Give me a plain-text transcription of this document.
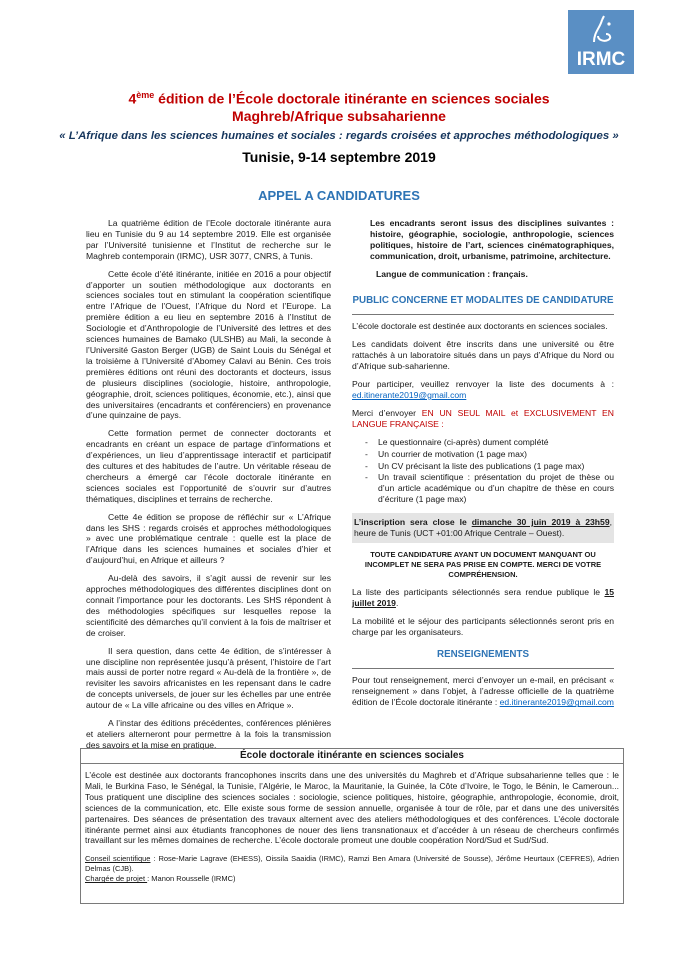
IRMC
4ème édition de l’École doctorale itinérante en sciences sociales
Maghreb/Afrique subsaharienne
« L’Afrique dans les sciences humaines et sociales : regards croisées et approches méthodologiques »
Tunisie, 9-14 septembre 2019
APPEL A CANDIDATURES

La quatrième édition de l’Ecole doctorale itinérante aura lieu en Tunisie du 9 au 14 septembre 2019. Elle est organisée par l’Université tunisienne et l’Institut de recherche sur le Maghreb contemporain (IRMC), USR 3077, CNRS, à Tunis.

Cette école d’été itinérante, initiée en 2016 a pour objectif d’apporter un soutien méthodologique aux doctorants en sciences sociales tout en stimulant la coopération scientifique entre l’Afrique de l’Ouest, l’Afrique du Nord et l’Europe. La première édition a eu lieu en septembre 2016 à l’Institut de Sociologie et d’Anthropologie de l’Université des lettres et des sciences humaines de Bamako (ULSHB) au Mali, la seconde à l’Université Gaston Berger (UGB) de Saint Louis du Sénégal et la troisième à l’Université d’Abomey Calavi au Bénin. Ces trois premières éditions ont réuni des doctorants et docteurs, issus de plusieurs disciplines (sociologie, histoire, anthropologie, géographie, droit, sciences politiques, économie, etc.), ainsi que des universitaires (encadrants et conférenciers) en provenance d’une quinzaine de pays.

Cette formation permet de connecter doctorants et encadrants en créant un espace de partage d’informations et d’expériences, un lieu d’apprentissage interactif et participatif des cultures et des habitudes de l’autre. Un véritable réseau de chercheurs a émergé car l’école doctorale itinérante en sciences sociales est l’opportunité de s’ouvrir sur d’autres thématiques, disciplines et terrains de recherche.

Cette 4e édition se propose de réfléchir sur « L’Afrique dans les SHS : regards croisés et approches méthodologiques » avec une problématique centrale : quelle est la place de l’Afrique dans les sciences humaines et sociales d’hier et d’aujourd’hui, en Afrique et ailleurs ?

Au-delà des savoirs, il s’agit aussi de revenir sur les approches méthodologiques des différentes disciplines dont on connait l’importance pour les doctorants. Les SHS répondent à des méthodologies spécifiques sur lesquelles repose la scientificité des démarches qu’il convient à la fois de maîtriser et de croiser.

Il sera question, dans cette 4e édition, de s’intéresser à une discipline non représentée jusqu’à présent, l’histoire de l’art mais aussi de porter notre regard « Au-delà de la frontière », de revisiter les savoirs africanistes en les repensant dans le cadre de concepts universels, de jouer sur les échelles par une entrée autour de « La ville africaine ou des villes en Afrique ».

A l’instar des éditions précédentes, conférences plénières et ateliers alterneront pour permettre à la fois la transmission des savoirs et la mise en pratique.

Les encadrants seront issus des disciplines suivantes : histoire, géographie, sociologie, anthropologie, sciences politiques, histoire de l’art, sciences cinématographiques, communication, droit, urbanisme, patrimoine, architecture.

Langue de communication : français.

PUBLIC CONCERNE ET MODALITES DE CANDIDATURE

L’école doctorale est destinée aux doctorants en sciences sociales.

Les candidats doivent être inscrits dans une université ou être rattachés à un laboratoire situés dans un pays d’Afrique du Nord ou d’Afrique sub-saharienne.

Pour participer, veuillez renvoyer la liste des documents à : ed.itinerante2019@gmail.com

Merci d’envoyer EN UN SEUL MAIL et EXCLUSIVEMENT EN LANGUE FRANÇAISE :

- Le questionnaire (ci-après) dument complété
- Un courrier de motivation (1 page max)
- Un CV précisant la liste des publications (1 page max)
- Un travail scientifique : présentation du projet de thèse ou d’un article académique ou d’un chapitre de thèse en cours d’écriture (1 page max)

L’inscription sera close le dimanche 30 juin 2019 à 23h59, heure de Tunis (UCT +01:00 Afrique Centrale – Ouest).

TOUTE CANDIDATURE AYANT UN DOCUMENT MANQUANT OU INCOMPLET NE SERA PAS PRISE EN COMPTE. MERCI DE VOTRE COMPRÉHENSION.

La liste des participants sélectionnés sera rendue publique le 15 juillet 2019.

La mobilité et le séjour des participants sélectionnés seront pris en charge par les organisateurs.

RENSEIGNEMENTS

Pour tout renseignement, merci d’envoyer un e-mail, en précisant « renseignement » dans l’objet, à l’adresse officielle de la quatrième édition de l’École doctorale itinérante : ed.itinerante2019@gmail.com

École doctorale itinérante en sciences sociales
L’école est destinée aux doctorants francophones inscrits dans une des universités du Maghreb et d’Afrique subsaharienne telles que : le Mali, le Burkina Faso, le Sénégal, la Tunisie, l’Algérie, le Maroc, la Mauritanie, la Guinée, la Côte d’Ivoire, le Togo, le Bénin, le Cameroun... Tous pratiquent une discipline des sciences sociales : sociologie, science politiques, histoire, géographie, anthropologie, économie, droit, sciences de la communication, etc. Elle existe sous forme de session annuelle, organisée à tour de rôle, par et dans une des universités partenaires. Des séances de présentation des travaux alternent avec des ateliers méthodologiques et des conférences. L’école doctorale itinérante permet ainsi aux étudiants francophones de nouer des liens transnationaux et d’accéder à un réseau de chercheurs confirmés travaillant sur les mêmes domaines de recherche. L’école doctorale promeut une double coopération Nord/Sud et Sud/Sud.
Conseil scientifique : Rose-Marie Lagrave (EHESS), Oissila Saaidia (IRMC), Ramzi Ben Amara (Université de Sousse), Jérôme Heurtaux (CEFRES), Adrien Delmas (CJB).
Chargée de projet : Manon Rousselle (IRMC)
